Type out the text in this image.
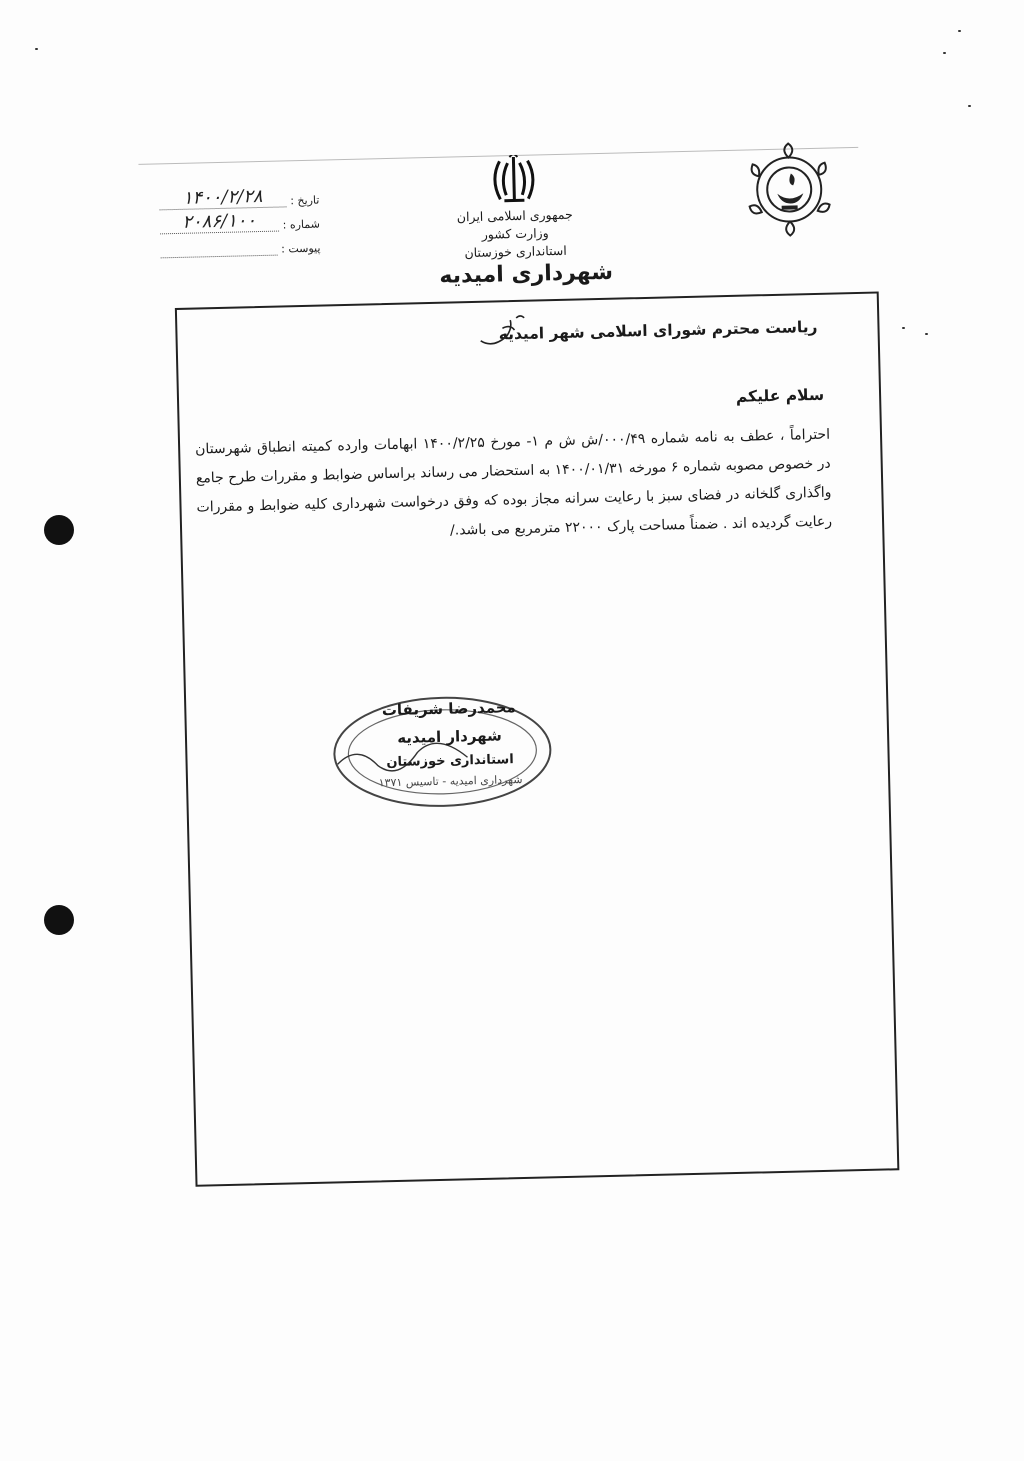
تاریخ :
۱۴۰۰/۲/۲۸
شماره :
۲۰۸۶/۱۰۰
پیوست :
جمهوری اسلامی ایران
وزارت کشور
استانداری خوزستان
شهرداری امیدیه
ریاست محترم شورای اسلامی شهر امیدیه
سلام علیکم
احتراماً ، عطف به نامه شماره ۰۰۰/۴۹/ش ش م ۱- مورخ ۱۴۰۰/۲/۲۵ ابهامات وارده کمیته انطباق شهرستان در خصوص مصوبه شماره ۶ مورخه ۱۴۰۰/۰۱/۳۱ به استحضار می رساند براساس ضوابط و مقررات طرح جامع واگذاری گلخانه در فضای سبز با رعایت سرانه مجاز بوده که وفق درخواست شهرداری کلیه ضوابط و مقررات رعایت گردیده اند . ضمناً مساحت پارک ۲۲۰۰۰ مترمربع می باشد./
محمدرضا شریفات
شهردار امیدیه
استانداری خوزستان
شهرداری امیدیه - تاسیس ۱۳۷۱
